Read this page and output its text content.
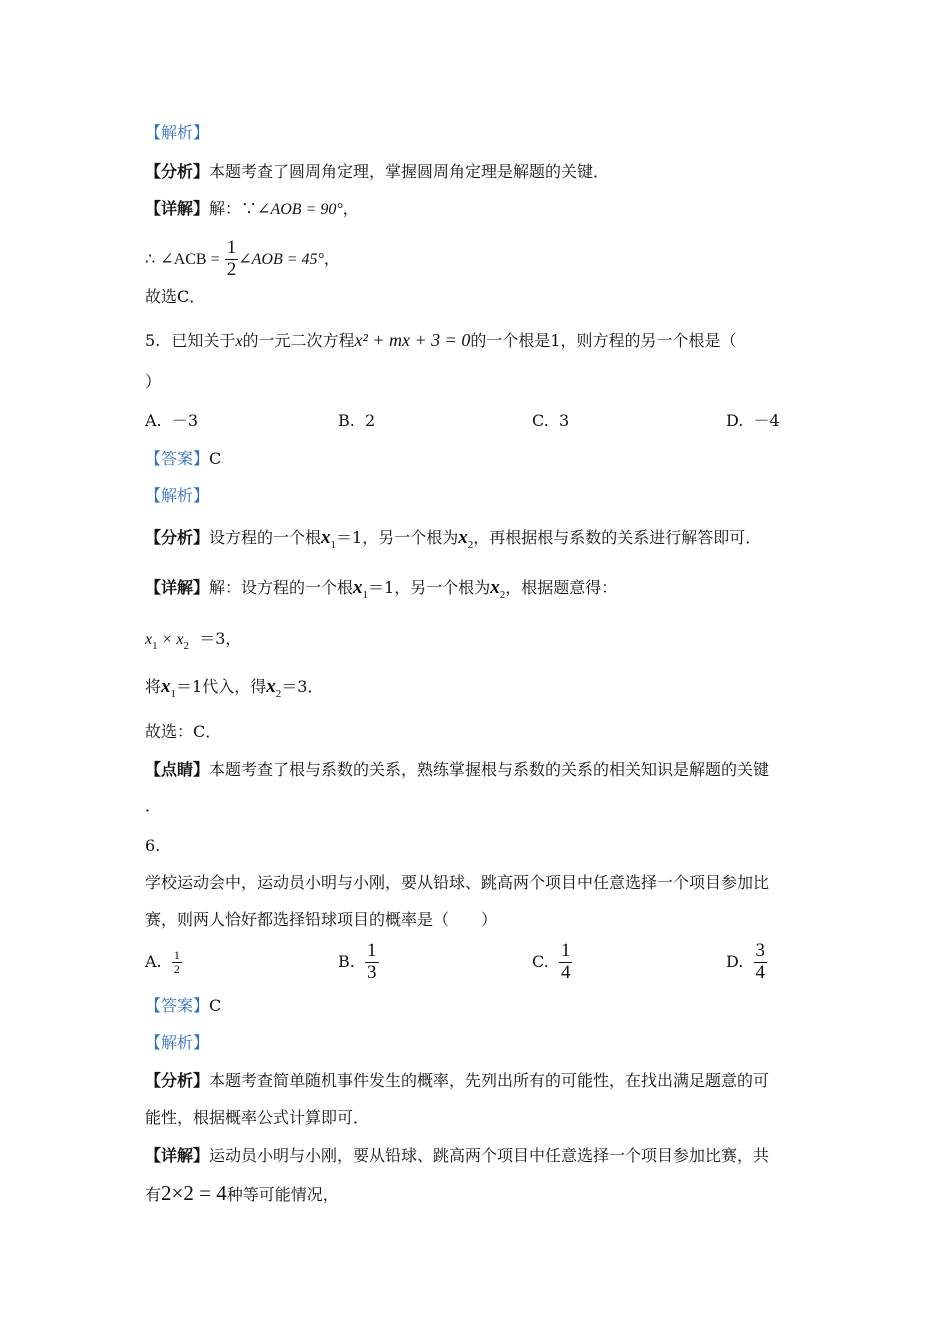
【解析】
【分析】本题考查了圆周角定理，掌握圆周角定理是解题的关键．
【详解】解：∵∠AOB = 90°，
∴ ∠ACB = $\frac{1}{2}$ ∠AOB = 45°，
故选C．
5. 已知关于x的一元二次方程x² + mx + 3 = 0的一个根是1，则方程的另一个根是（
）
A. －3	B. 2	C. 3	D. －4
【答案】C
【解析】
【分析】设方程的一个根$x_1=1$，另一个根为$x_2$，再根据根与系数的关系进行解答即可．
【详解】解：设方程的一个根$x_1=1$，另一个根为$x_2$，根据题意得：
$x_1 \times x_2 =3$，
将$x_1=1$代入，得$x_2=3$．
故选：C．
【点睛】本题考查了根与系数的关系，熟练掌握根与系数的关系的相关知识是解题的关键
．
6.
学校运动会中，运动员小明与小刚，要从铅球、跳高两个项目中任意选择一个项目参加比
赛，则两人恰好都选择铅球项目的概率是（　　）
A. $\frac{1}{2}$	B. $\frac{1}{3}$	C. $\frac{1}{4}$	D. $\frac{3}{4}$
【答案】C
【解析】
【分析】本题考查简单随机事件发生的概率，先列出所有的可能性，在找出满足题意的可
能性，根据概率公式计算即可．
【详解】运动员小明与小刚，要从铅球、跳高两个项目中任意选择一个项目参加比赛，共
有2×2 = 4种等可能情况，
